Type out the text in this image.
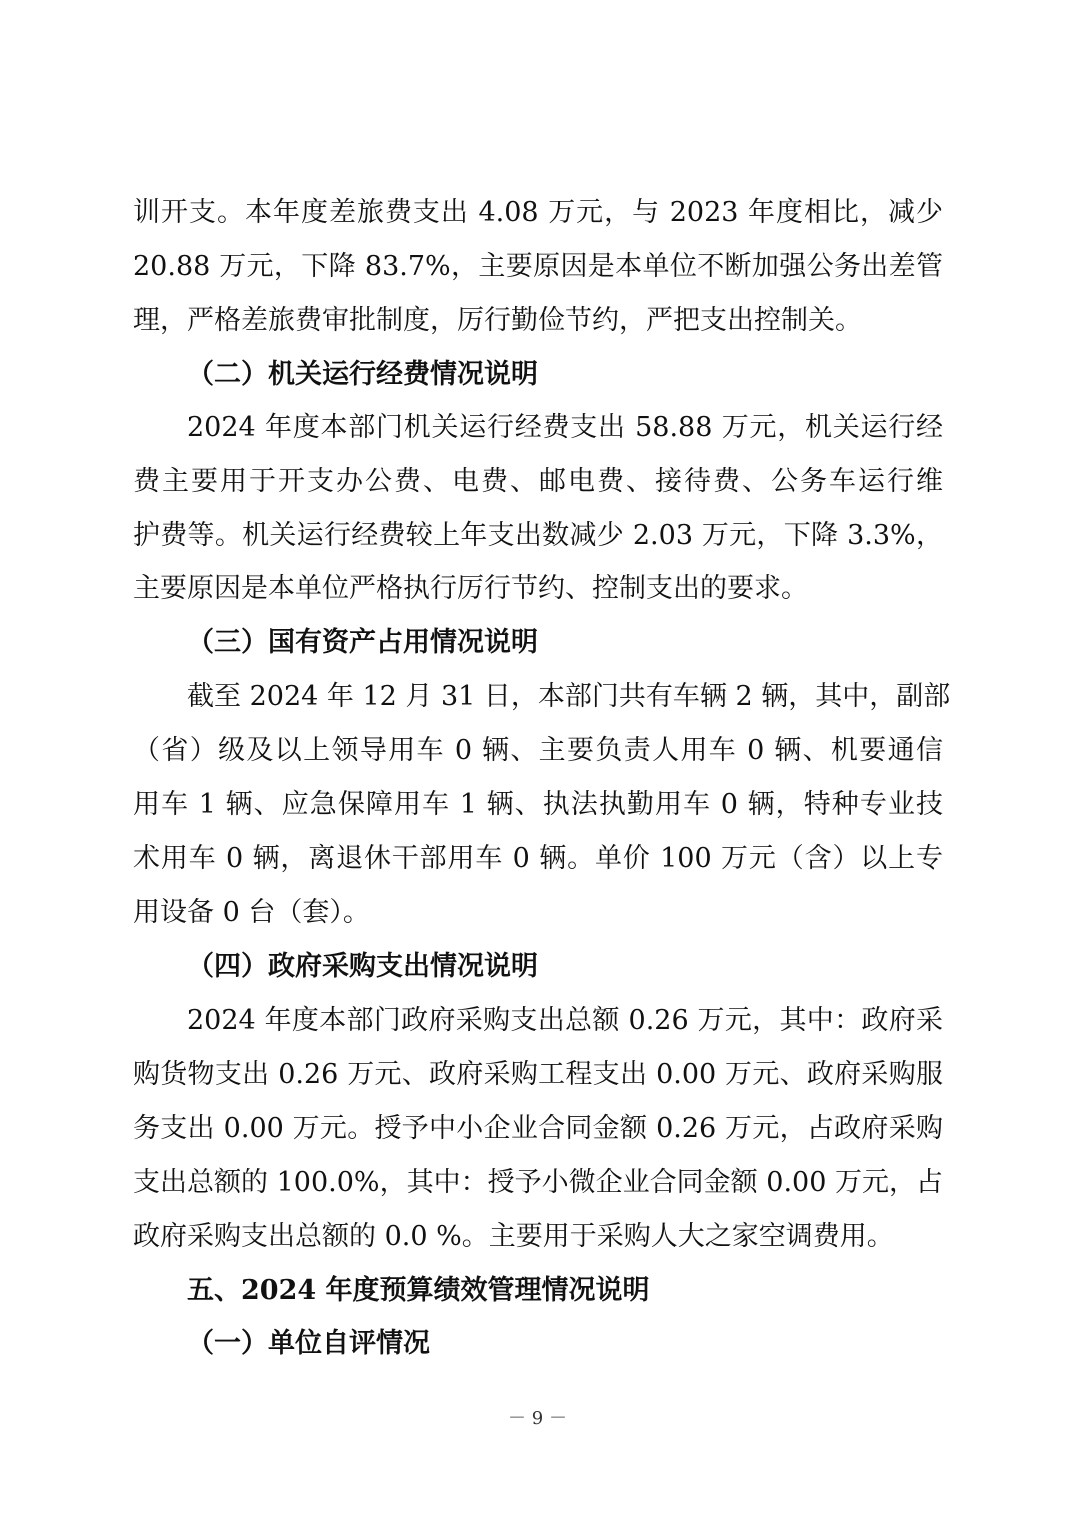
训开支。本年度差旅费支出 4.08 万元，与 2023 年度相比，减少
20.88 万元，下降 83.7%，主要原因是本单位不断加强公务出差管
理，严格差旅费审批制度，厉行勤俭节约，严把支出控制关。
（二）机关运行经费情况说明
2024 年度本部门机关运行经费支出 58.88 万元，机关运行经
费主要用于开支办公费、电费、邮电费、接待费、公务车运行维
护费等。机关运行经费较上年支出数减少 2.03 万元，下降 3.3%，
主要原因是本单位严格执行厉行节约、控制支出的要求。
（三）国有资产占用情况说明
截至 2024 年 12 月 31 日，本部门共有车辆 2 辆，其中，副部
（省）级及以上领导用车 0 辆、主要负责人用车 0 辆、机要通信
用车 1 辆、应急保障用车 1 辆、执法执勤用车 0 辆，特种专业技
术用车 0 辆，离退休干部用车 0 辆。单价 100 万元（含）以上专
用设备 0 台（套）。
（四）政府采购支出情况说明
2024 年度本部门政府采购支出总额 0.26 万元，其中：政府采
购货物支出 0.26 万元、政府采购工程支出 0.00 万元、政府采购服
务支出 0.00 万元。授予中小企业合同金额 0.26 万元，占政府采购
支出总额的 100.0%，其中：授予小微企业合同金额 0.00 万元，占
政府采购支出总额的 0.0 %。主要用于采购人大之家空调费用。
五、2024 年度预算绩效管理情况说明
（一）单位自评情况
－ 9 －
